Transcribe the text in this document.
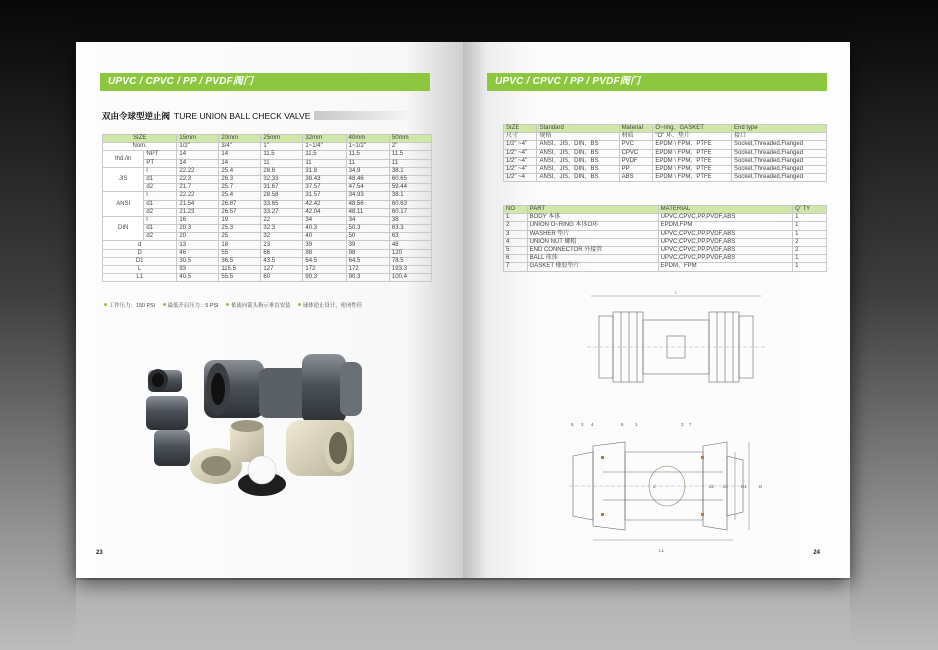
UPVC / CPVC / PP / PVDF阀门
双由令球型逆止阀 TURE UNION BALL CHECK VALVE
SIZE		15mm	20mm	25mm	32mm	40mm	50mm
Nom.		1/2"	3/4"	1"	1~1/4"	1~1/2"	2"
thd./in	NPT	14	14	11.5	11.5	11.5	11.5
	PT	14	14	11	11	11	11
JIS	l	22.22	25.4	28.6	31.8	34.9	38.1
	d1	22.3	26.3	32.33	38.43	48.46	60.65
	d2	21.7	25.7	31.67	37.57	47.54	59.44
ANSI	l	22.22	25.4	28.58	31.57	34.93	38.1
	d1	21.54	26.87	33.65	42.42	48.56	60.63
	d2	21.23	26.57	33.27	42.04	48.11	60.17
DIN	l	16	19	22	34	34	38
	d1	20.3	25.3	32.3	40.3	50.3	63.3
	d2	20	25	32	40	50	63
d		13	18	23	39	39	48
D		46	55	66	98	98	120
D1		30.5	36.5	43.5	64.5	64.5	78.5
L		93	115.5	127	172	172	193.3
L1		40.5	55.5	60	90.3	90.3	100.4
工作压力：150 PSI 最低开启压力：5 PSI 依流向箭头指示垂直安装 球体逆止设计，密闭性佳
23
UPVC / CPVC / PP / PVDF阀门
SIZE	Standard	Material	O~ring、GASKET	End type
尺寸	规格	材质	"O" 环、垫片	接口
1/2" ~4"	ANSI、JIS、DIN、BS	PVC	EPDM \ FPM、PTFE	Socket,Threaded,Flanged
1/2" ~4"	ANSI、JIS、DIN、BS	CPVC	EPDM \ FPM、PTFE	Socket,Threaded,Flanged
1/2" ~4"	ANSI、JIS、DIN、BS	PVDF	EPDM \ FPM、PTFE	Socket,Threaded,Flanged
1/2" ~4"	ANSI、JIS、DIN、BS	PP	EPDM \ FPM、PTFE	Socket,Threaded,Flanged
1/2" ~4	ANSI、JIS、DIN、BS	ABS	EPDM \ FPM、PTFE	Socket,Threaded,Flanged
NO	PART	MATERIAL	Q' TY
1	BODY 本体	UPVC,CPVC,PP,PVDF,ABS	1
2	UNION O~RING 本体O环	EPDM,FPM	1
3	WASHER 垫片	UPVC,CPVC,PP,PVDF,ABS	1
4	UNION NUT 螺帽	UPVC,CPVC,PP,PVDF,ABS	2
5	END CONNECTOR 外接管	UPVC,CPVC,PP,PVDF,ABS	2
6	BALL 球体	UPVC,CPVC,PP,PVDF,ABS	1
7	GASKET 橡胶垫片	EPDM、FPM	1
L
5 2 4	6	1	3 7
L1
D
D1
d	d1
d2
24
